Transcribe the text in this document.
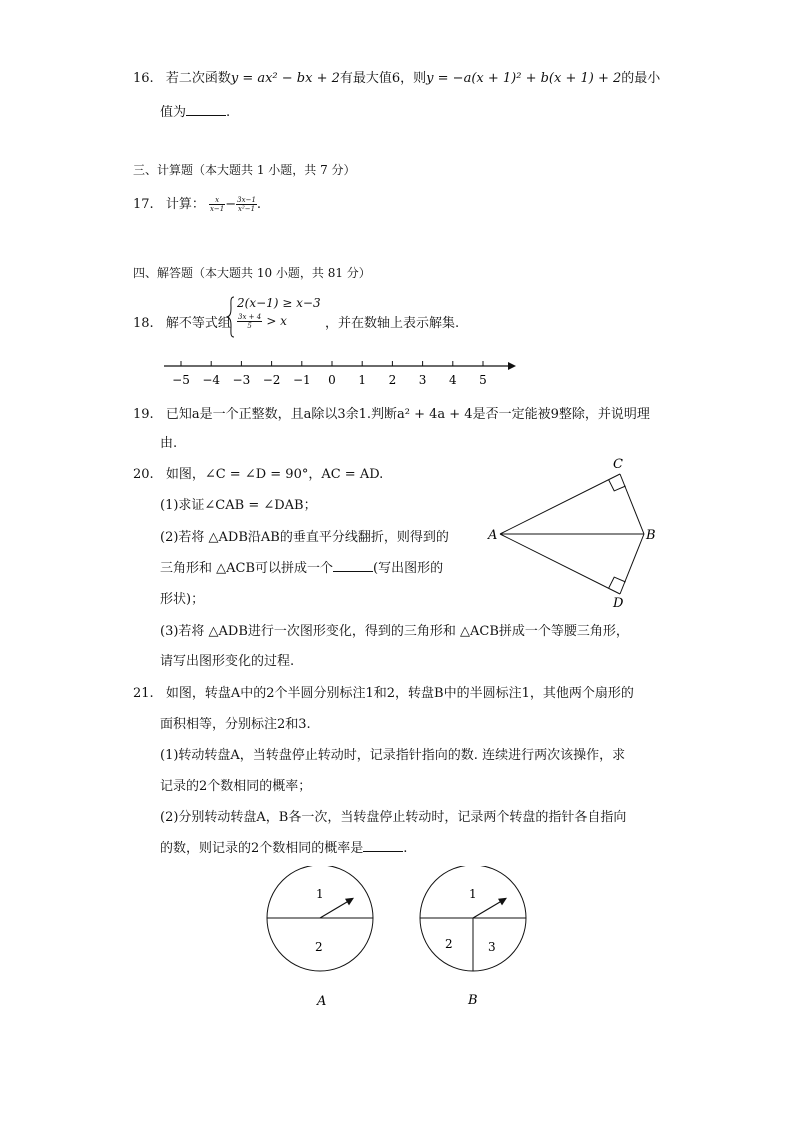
16. 若二次函数y = ax² − bx + 2有最大值6，则y = −a(x + 1)² + b(x + 1) + 2的最小
值为	.
三、计算题（本大题共 1 小题，共 7 分）
17. 计算： $\frac{x}{x-1} - \frac{3x-1}{\text{x²−1}}$ .
四、解答题（本大题共 10 小题，共 81 分）
18. 解不等式组
2(x−1) ≥ x−3
$\frac{3x + 4}{5} > x$	，并在数轴上表示解集.
−5 −4 −3 −2 −1 0 1 2 3 4 5
19. 已知a是一个正整数，且a除以3余1.判断a² + 4a + 4是否一定能被9整除，并说明理
由.
20. 如图，∠C = ∠D = 90°，AC = AD.
(1)求证∠CAB = ∠DAB；
(2)若将 △ADB沿AB的垂直平分线翻折，则得到的
三角形和 △ACB可以拼成一个	(写出图形的
形状)；
(3)若将 △ADB进行一次图形变化，得到的三角形和 △ACB拼成一个等腰三角形，
请写出图形变化的过程.
A
C
B
D
21. 如图，转盘A中的2个半圆分别标注1和2，转盘B中的半圆标注1，其他两个扇形的
面积相等，分别标注2和3.
(1)转动转盘A，当转盘停止转动时，记录指针指向的数. 连续进行两次该操作，求
记录的2个数相同的概率；
(2)分别转动转盘A，B各一次，当转盘停止转动时，记录两个转盘的指针各自指向
的数，则记录的2个数相同的概率是	.
1
2
A
1
2	3
B
